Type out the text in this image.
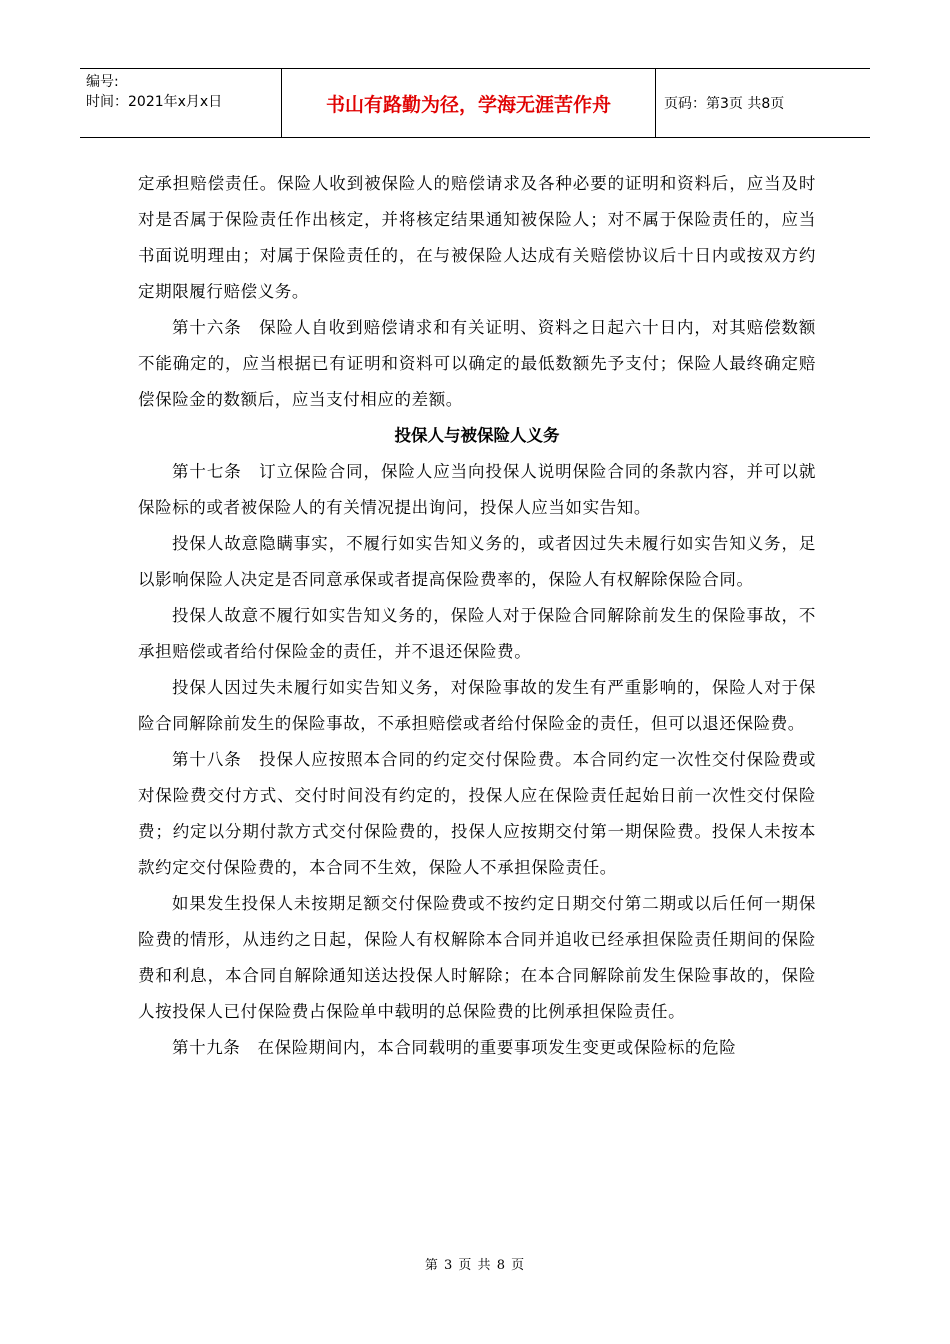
编号:
时间：2021年x月x日	书山有路勤为径，学海无涯苦作舟	页码：第3页 共8页

定承担赔偿责任。保险人收到被保险人的赔偿请求及各种必要的证明和资料后，应当及时对是否属于保险责任作出核定，并将核定结果通知被保险人；对不属于保险责任的，应当书面说明理由；对属于保险责任的，在与被保险人达成有关赔偿协议后十日内或按双方约定期限履行赔偿义务。

第十六条　保险人自收到赔偿请求和有关证明、资料之日起六十日内，对其赔偿数额不能确定的，应当根据已有证明和资料可以确定的最低数额先予支付；保险人最终确定赔偿保险金的数额后，应当支付相应的差额。

投保人与被保险人义务

第十七条　订立保险合同，保险人应当向投保人说明保险合同的条款内容，并可以就保险标的或者被保险人的有关情况提出询问，投保人应当如实告知。

投保人故意隐瞒事实，不履行如实告知义务的，或者因过失未履行如实告知义务，足以影响保险人决定是否同意承保或者提高保险费率的，保险人有权解除保险合同。

投保人故意不履行如实告知义务的，保险人对于保险合同解除前发生的保险事故，不承担赔偿或者给付保险金的责任，并不退还保险费。

投保人因过失未履行如实告知义务，对保险事故的发生有严重影响的，保险人对于保险合同解除前发生的保险事故，不承担赔偿或者给付保险金的责任，但可以退还保险费。

第十八条　投保人应按照本合同的约定交付保险费。本合同约定一次性交付保险费或对保险费交付方式、交付时间没有约定的，投保人应在保险责任起始日前一次性交付保险费；约定以分期付款方式交付保险费的，投保人应按期交付第一期保险费。投保人未按本款约定交付保险费的，本合同不生效，保险人不承担保险责任。

如果发生投保人未按期足额交付保险费或不按约定日期交付第二期或以后任何一期保险费的情形，从违约之日起，保险人有权解除本合同并追收已经承担保险责任期间的保险费和利息，本合同自解除通知送达投保人时解除；在本合同解除前发生保险事故的，保险人按投保人已付保险费占保险单中载明的总保险费的比例承担保险责任。

第十九条　在保险期间内，本合同载明的重要事项发生变更或保险标的危险

第 3 页 共 8 页
